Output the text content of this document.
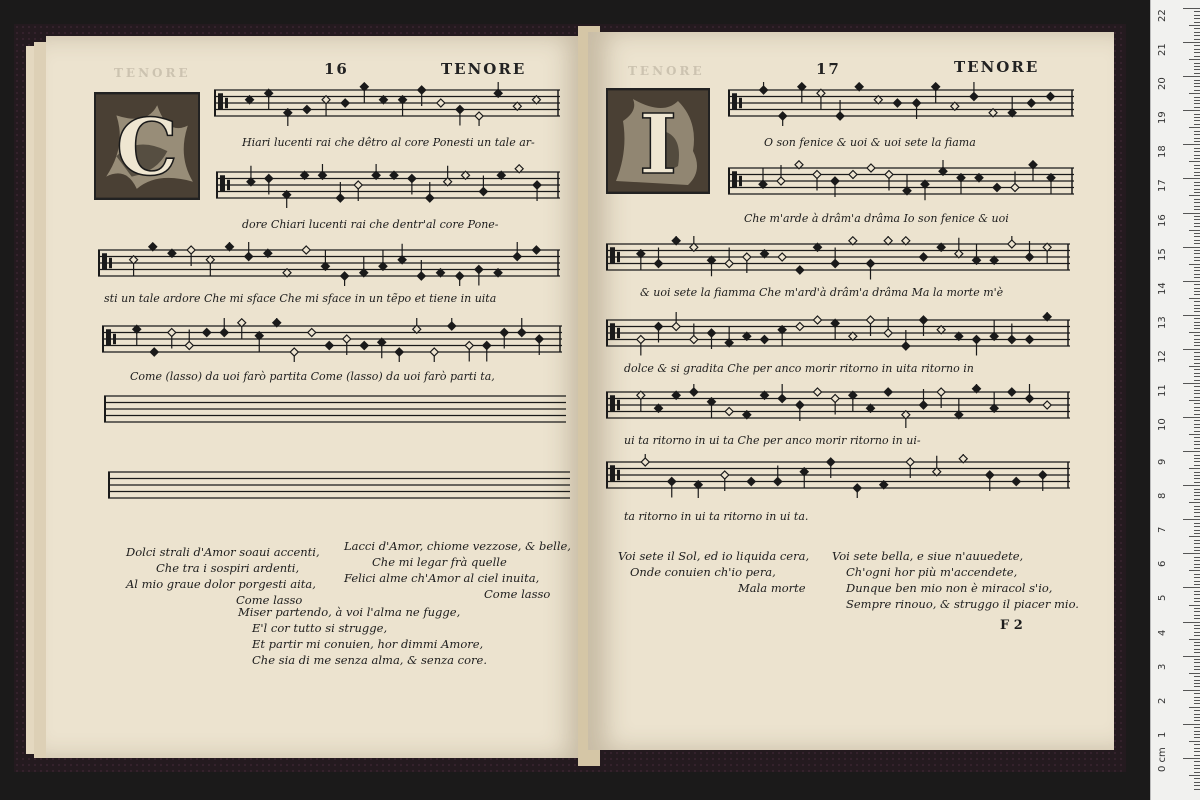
TENORE	16	TENORE
C	Hiari lucenti rai che dêtro al core Ponesti un tale ar-
dore Chiari lucenti rai che dentr'al core Pone-
sti un tale ardore Che mi sface Che mi sface in un tẽpo et tiene in uita
Come (lasso) da uoi farò partita Come (lasso) da uoi farò parti ta,
Dolci strali d'Amor soaui accenti,
Che tra i sospiri ardenti,
Al mio graue dolor porgesti aita,
Come lasso
Lacci d'Amor, chiome vezzose, & belle,
Che mi legar frà quelle
Felici alme ch'Amor al ciel inuita,
Come lasso
Miser partendo, à voi l'alma ne fugge,
E'l cor tutto si strugge,
Et partir mi conuien, hor dimmi Amore,
Che sia di me senza alma, & senza core.
TENORE	17	TENORE
I	O son fenice & uoi & uoi sete la fiama
Che m'arde à drâm'a drâma Io son fenice & uoi
& uoi sete la fiamma Che m'ard'à drâm'a drâma Ma la morte m'è
dolce & si gradita Che per anco morir ritorno in uita ritorno in
ui ta ritorno in ui ta Che per anco morir ritorno in ui-
ta ritorno in ui ta ritorno in ui ta.
Voi sete il Sol, ed io liquida cera,
Onde conuien ch'io pera,
Mala morte
Voi sete bella, e siue n'auuedete,
Ch'ogni hor più m'accendete,
Dunque ben mio non è miracol s'io,
Sempre rinouo, & struggo il piacer mio.
F 2
22
21
20
19
18
17
16
15
14
13
12
11
10
9
8
7
6
5
4
3
2
1
0 cm
